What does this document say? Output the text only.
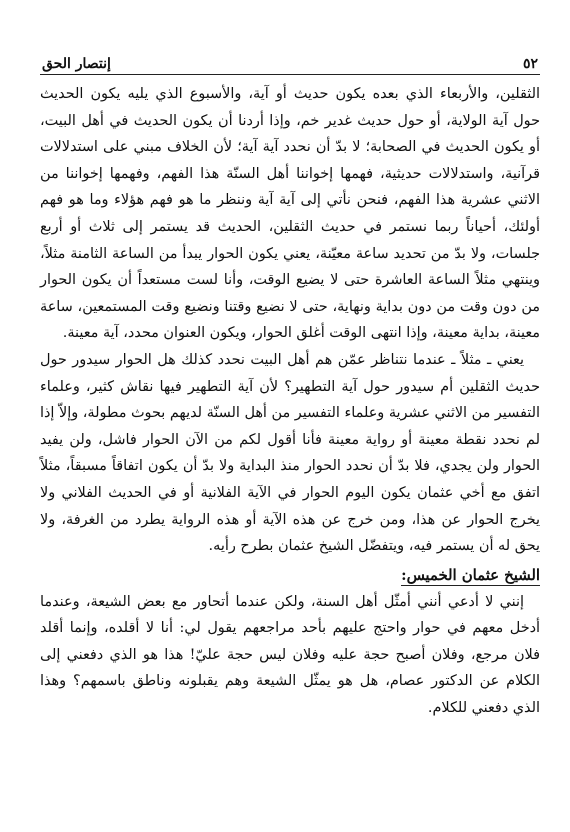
٥٢
إنتصار الحق

الثقلين، والأربعاء الذي بعده يكون حديث أو آية، والأسبوع الذي يليه يكون الحديث حول آية الولاية، أو حول حديث غدير خم، وإذا أردنا أن يكون الحديث في أهل البيت، أو يكون الحديث في الصحابة؛ لا بدّ أن نحدد آية آية؛ لأن الخلاف مبني على استدلالات قرآنية، واستدلالات حديثية، فهمها إخواننا أهل السنّة هذا الفهم، وفهمها إخواننا من الاثني عشرية هذا الفهم، فنحن نأتي إلى آية آية وننظر ما هو فهم هؤلاء وما هو فهم أولئك، أحياناً ربما نستمر في حديث الثقلين، الحديث قد يستمر إلى ثلاث أو أربع جلسات، ولا بدّ من تحديد ساعة معيّنة، يعني يكون الحوار يبدأ من الساعة الثامنة مثلاً، وينتهي مثلاً الساعة العاشرة حتى لا يضيع الوقت، وأنا لست مستعداً أن يكون الحوار من دون وقت من دون بداية ونهاية، حتى لا نضيع وقتنا ونضيع وقت المستمعين، ساعة معينة، بداية معينة، وإذا انتهى الوقت أغلق الحوار، ويكون العنوان محدد، آية معينة.

يعني ـ مثلاً ـ عندما نتناظر عمّن هم أهل البيت نحدد كذلك هل الحوار سيدور حول حديث الثقلين أم سيدور حول آية التطهير؟ لأن آية التطهير فيها نقاش كثير، وعلماء التفسير من الاثني عشرية وعلماء التفسير من أهل السنّة لديهم بحوث مطولة، وإلاّ إذا لم نحدد نقطة معينة أو رواية معينة فأنا أقول لكم من الآن الحوار فاشل، ولن يفيد الحوار ولن يجدي، فلا بدّ أن نحدد الحوار منذ البداية ولا بدّ أن يكون اتفاقاً مسبقاً، مثلاً اتفق مع أخي عثمان يكون اليوم الحوار في الآية الفلانية أو في الحديث الفلاني ولا يخرج الحوار عن هذا، ومن خرج عن هذه الآية أو هذه الرواية يطرد من الغرفة، ولا يحق له أن يستمر فيه، ويتفضّل الشيخ عثمان بطرح رأيه.

الشيخ عثمان الخميس:

إنني لا أدعي أنني أمثّل أهل السنة، ولكن عندما أتحاور مع بعض الشيعة، وعندما أدخل معهم في حوار واحتج عليهم بأحد مراجعهم يقول لي: أنا لا أقلده، وإنما أقلد فلان مرجع، وفلان أصبح حجة عليه وفلان ليس حجة عليّ! هذا هو الذي دفعني إلى الكلام عن الدكتور عصام، هل هو يمثّل الشيعة وهم يقبلونه وناطق باسمهم؟ وهذا الذي دفعني للكلام.
